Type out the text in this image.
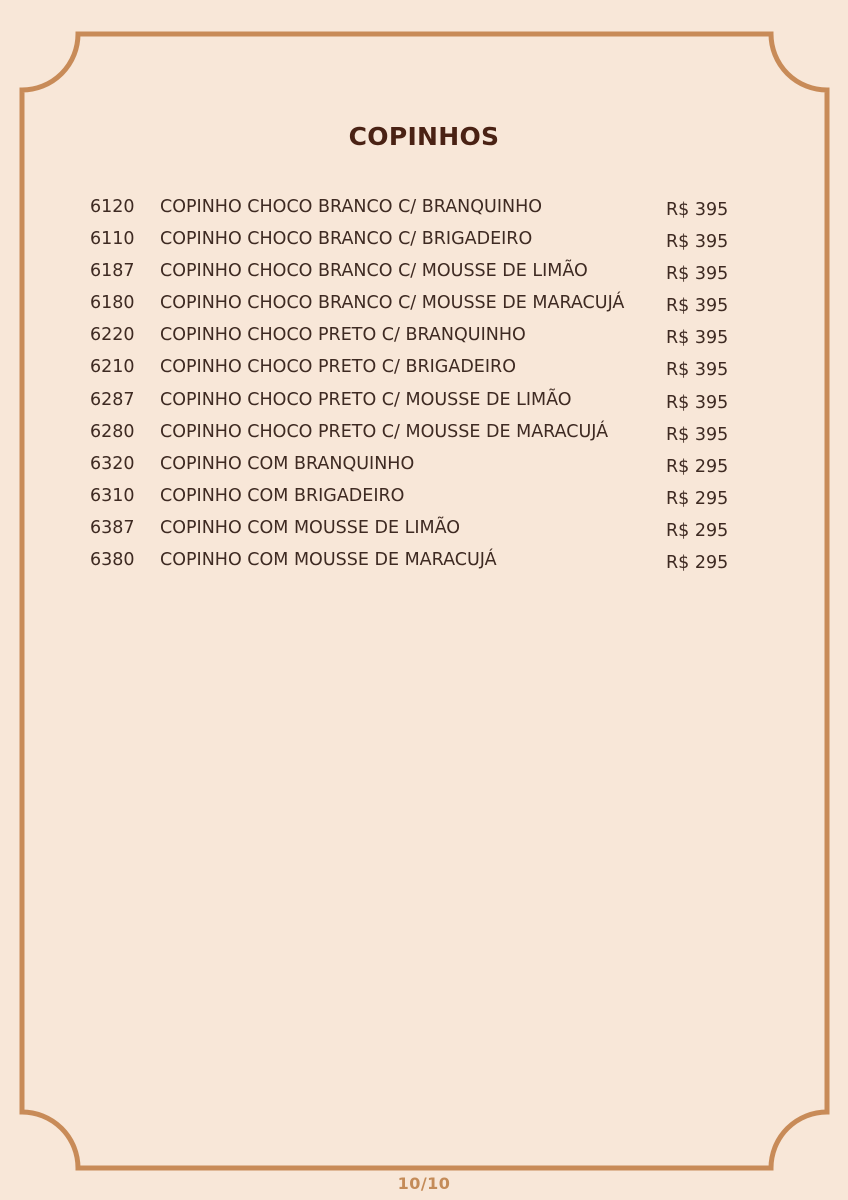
COPINHOS
6120 COPINHO CHOCO BRANCO C/ BRANQUINHO	R$ 395
6110 COPINHO CHOCO BRANCO C/ BRIGADEIRO	R$ 395
6187 COPINHO CHOCO BRANCO C/ MOUSSE DE LIMÃO	R$ 395
6180 COPINHO CHOCO BRANCO C/ MOUSSE DE MARACUJÁ R$ 395
6220 COPINHO CHOCO PRETO C/ BRANQUINHO	R$ 395
6210 COPINHO CHOCO PRETO C/ BRIGADEIRO	R$ 395
6287 COPINHO CHOCO PRETO C/ MOUSSE DE LIMÃO	R$ 395
6280 COPINHO CHOCO PRETO C/ MOUSSE DE MARACUJÁ	R$ 395
6320 COPINHO COM BRANQUINHO	R$ 295
6310 COPINHO COM BRIGADEIRO	R$ 295
6387 COPINHO COM MOUSSE DE LIMÃO	R$ 295
6380 COPINHO COM MOUSSE DE MARACUJÁ	R$ 295
10/10
